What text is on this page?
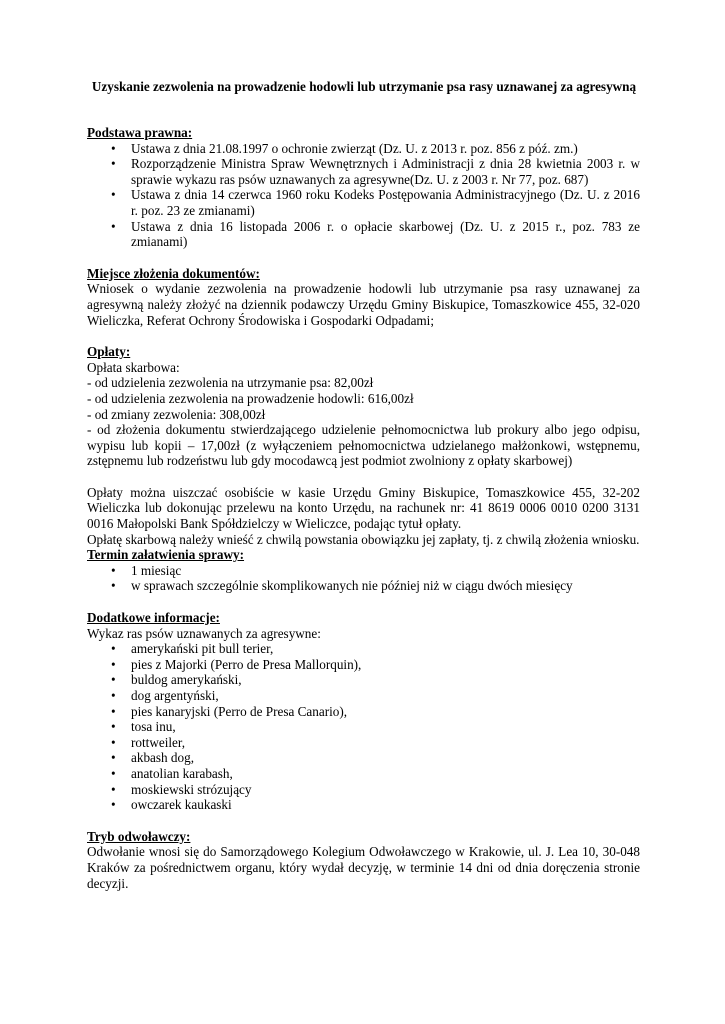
Uzyskanie zezwolenia na prowadzenie hodowli lub utrzymanie psa rasy uznawanej za agresywną

Podstawa prawna:

• Ustawa z dnia 21.08.1997 o ochronie zwierząt (Dz. U. z 2013 r. poz. 856 z póź. zm.)
• Rozporządzenie Ministra Spraw Wewnętrznych i Administracji z dnia 28 kwietnia 2003 r. w sprawie wykazu ras psów uznawanych za agresywne(Dz. U. z 2003 r. Nr 77, poz. 687)
• Ustawa z dnia 14 czerwca 1960 roku Kodeks Postępowania Administracyjnego (Dz. U. z 2016 r. poz. 23 ze zmianami)
• Ustawa z dnia 16 listopada 2006 r. o opłacie skarbowej (Dz. U. z 2015 r., poz. 783 ze zmianami)

Miejsce złożenia dokumentów:

Wniosek o wydanie zezwolenia na prowadzenie hodowli lub utrzymanie psa rasy uznawanej za agresywną należy złożyć na dziennik podawczy Urzędu Gminy Biskupice, Tomaszkowice 455, 32-020 Wieliczka, Referat Ochrony Środowiska i Gospodarki Odpadami;

Opłaty:

Opłata skarbowa:

- od udzielenia zezwolenia na utrzymanie psa: 82,00zł

- od udzielenia zezwolenia na prowadzenie hodowli: 616,00zł

- od zmiany zezwolenia: 308,00zł

- od złożenia dokumentu stwierdzającego udzielenie pełnomocnictwa lub prokury albo jego odpisu, wypisu lub kopii – 17,00zł (z wyłączeniem pełnomocnictwa udzielanego małżonkowi, wstępnemu, zstępnemu lub rodzeństwu lub gdy mocodawcą jest podmiot zwolniony z opłaty skarbowej)

Opłaty można uiszczać osobiście w kasie Urzędu Gminy Biskupice, Tomaszkowice 455, 32-202 Wieliczka lub dokonując przelewu na konto Urzędu, na rachunek nr: 41 8619 0006 0010 0200 3131 0016 Małopolski Bank Spółdzielczy w Wieliczce, podając tytuł opłaty.

Opłatę skarbową należy wnieść z chwilą powstania obowiązku jej zapłaty, tj. z chwilą złożenia wniosku.

Termin załatwienia sprawy:

• 1 miesiąc
• w sprawach szczególnie skomplikowanych nie później niż w ciągu dwóch miesięcy

Dodatkowe informacje:

Wykaz ras psów uznawanych za agresywne:

• amerykański pit bull terier,
• pies z Majorki (Perro de Presa Mallorquin),
• buldog amerykański,
• dog argentyński,
• pies kanaryjski (Perro de Presa Canario),
• tosa inu,
• rottweiler,
• akbash dog,
• anatolian karabash,
• moskiewski strózujący
• owczarek kaukaski

Tryb odwoławczy:

Odwołanie wnosi się do Samorządowego Kolegium Odwoławczego w Krakowie, ul. J. Lea 10, 30-048 Kraków za pośrednictwem organu, który wydał decyzję, w terminie 14 dni od dnia doręczenia stronie decyzji.
